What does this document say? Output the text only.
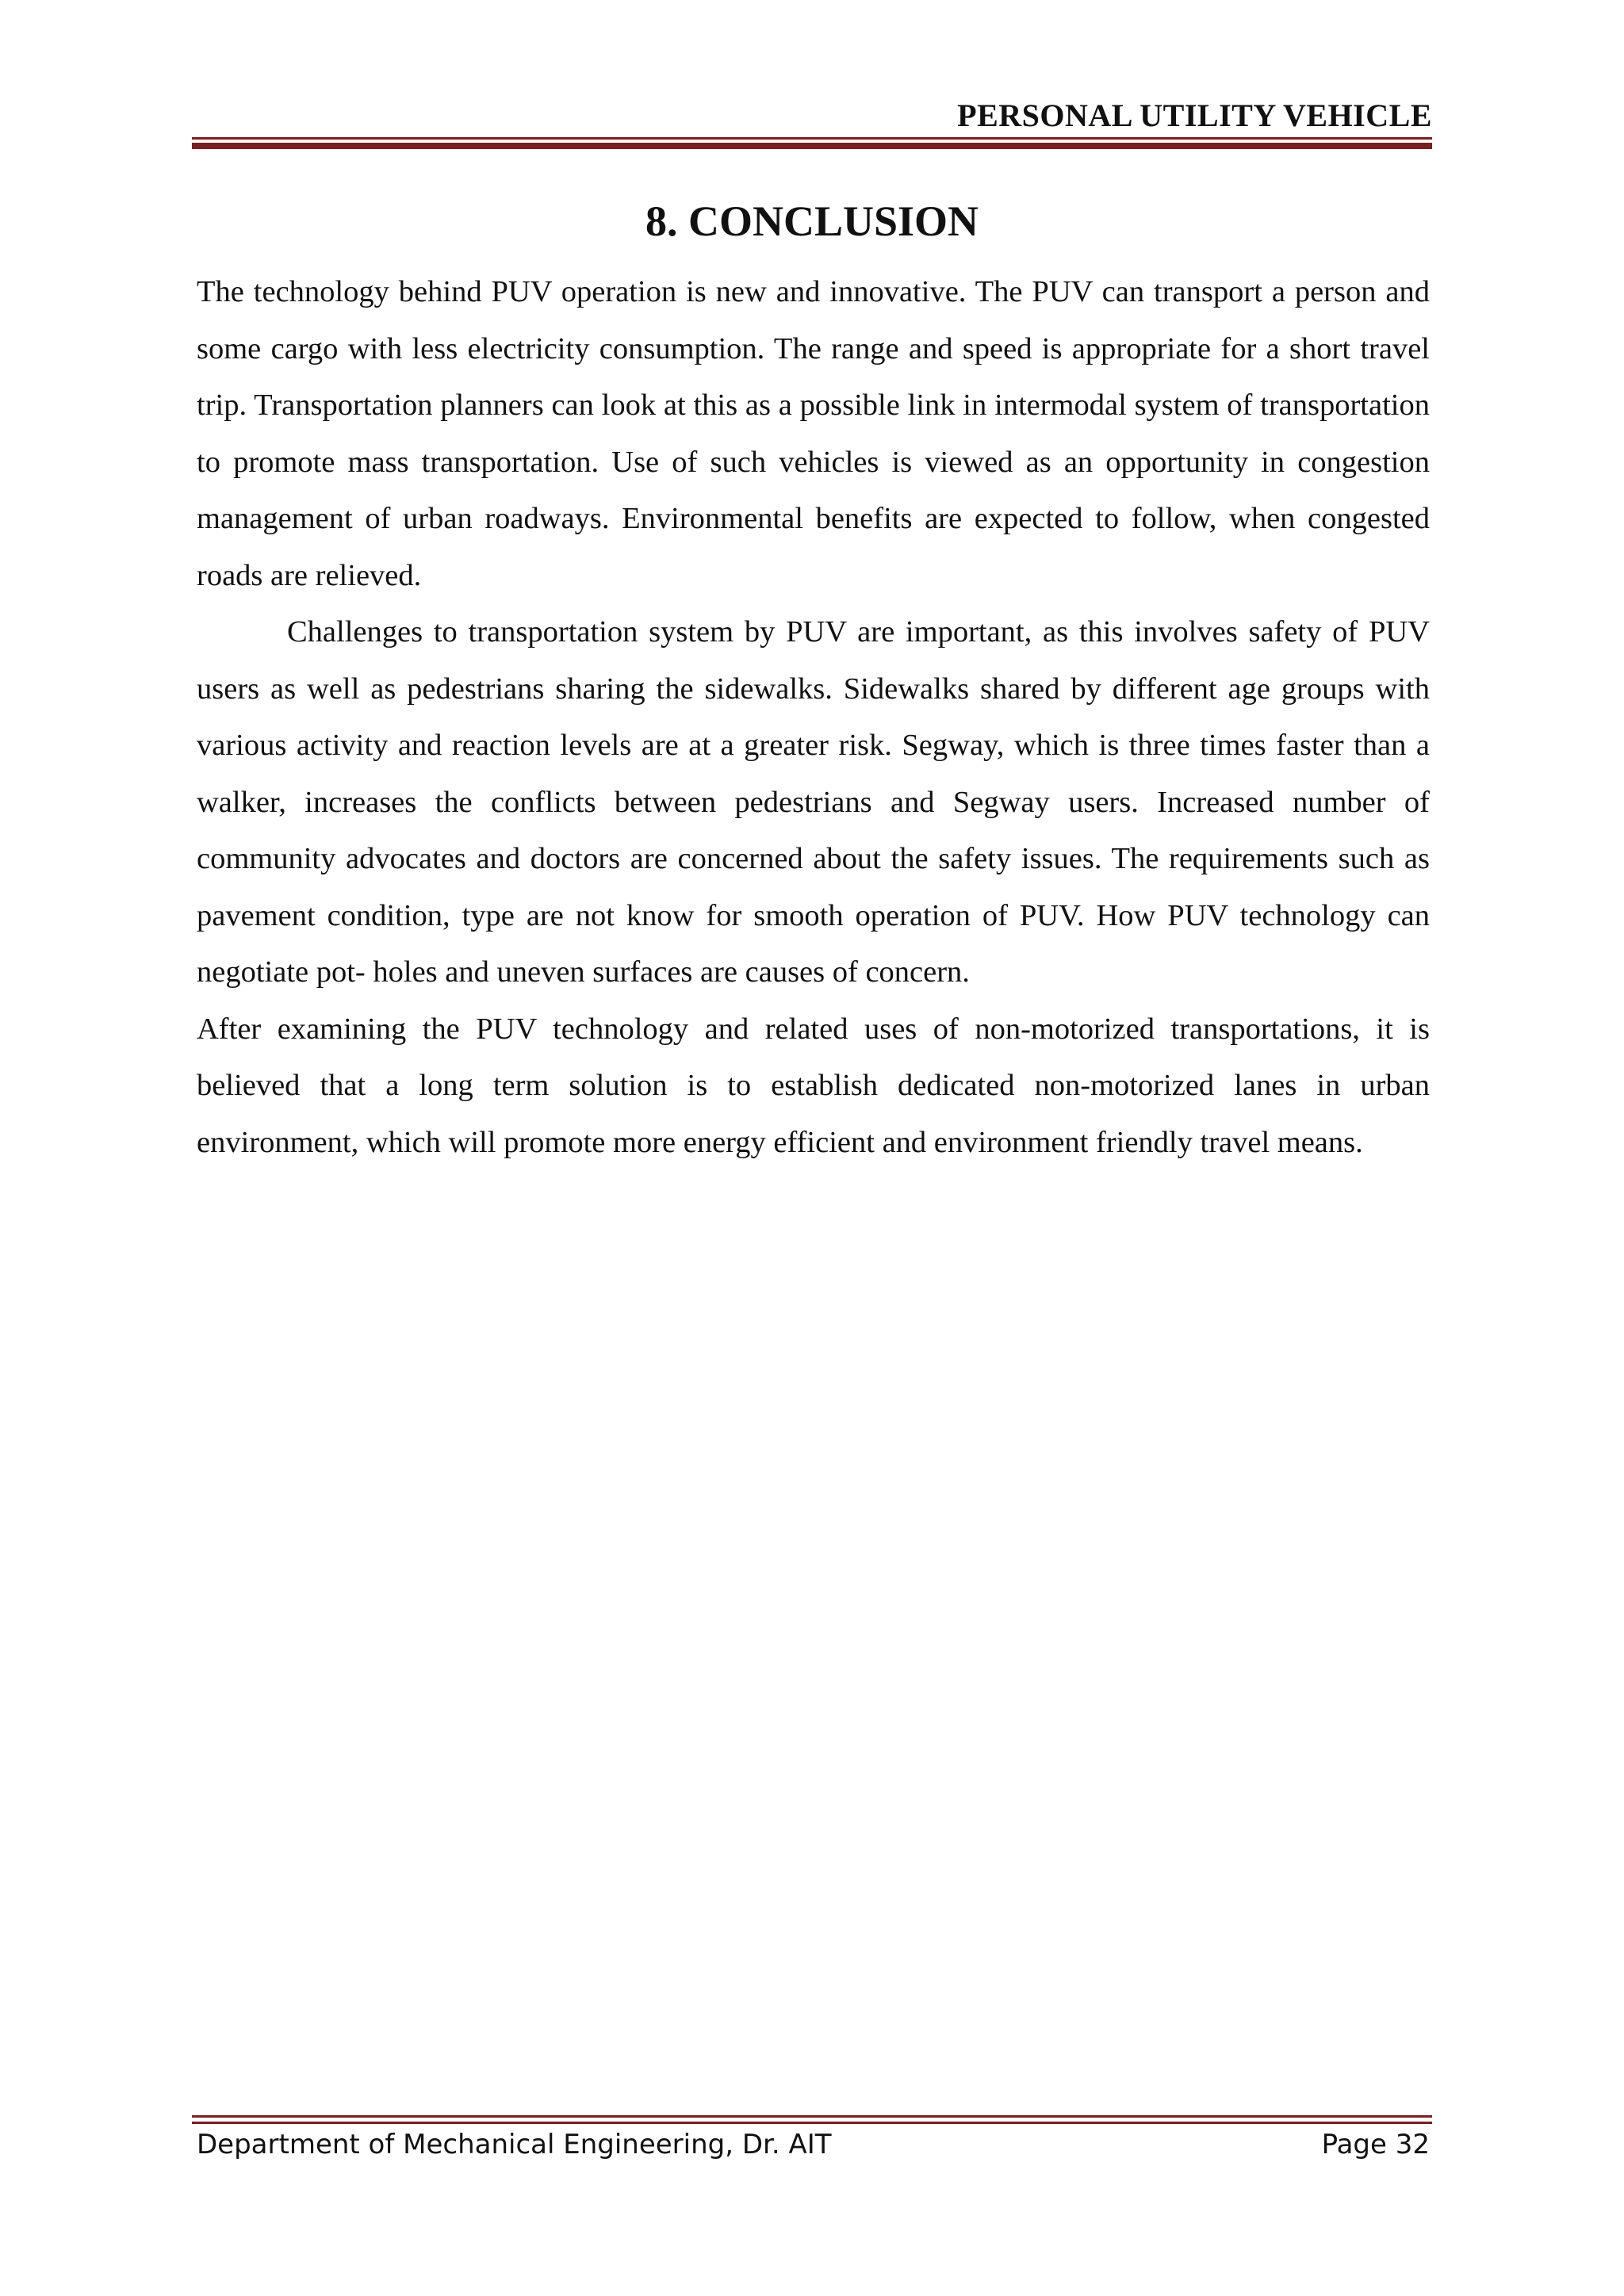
PERSONAL UTILITY VEHICLE
8. CONCLUSION

The technology behind PUV operation is new and innovative. The PUV can transport a person and some cargo with less electricity consumption. The range and speed is appropriate for a short travel trip. Transportation planners can look at this as a possible link in intermodal system of transportation to promote mass transportation. Use of such vehicles is viewed as an opportunity in congestion management of urban roadways. Environmental benefits are expected to follow, when congested roads are relieved.

Challenges to transportation system by PUV are important, as this involves safety of PUV users as well as pedestrians sharing the sidewalks. Sidewalks shared by different age groups with various activity and reaction levels are at a greater risk. Segway, which is three times faster than a walker, increases the conflicts between pedestrians and Segway users. Increased number of community advocates and doctors are concerned about the safety issues. The requirements such as pavement condition, type are not know for smooth operation of PUV. How PUV technology can negotiate pot- holes and uneven surfaces are causes of concern.

After examining the PUV technology and related uses of non-motorized transportations, it is believed that a long term solution is to establish dedicated non-motorized lanes in urban environment, which will promote more energy efficient and environment friendly travel means.

Department of Mechanical Engineering, Dr. AIT	Page 32
